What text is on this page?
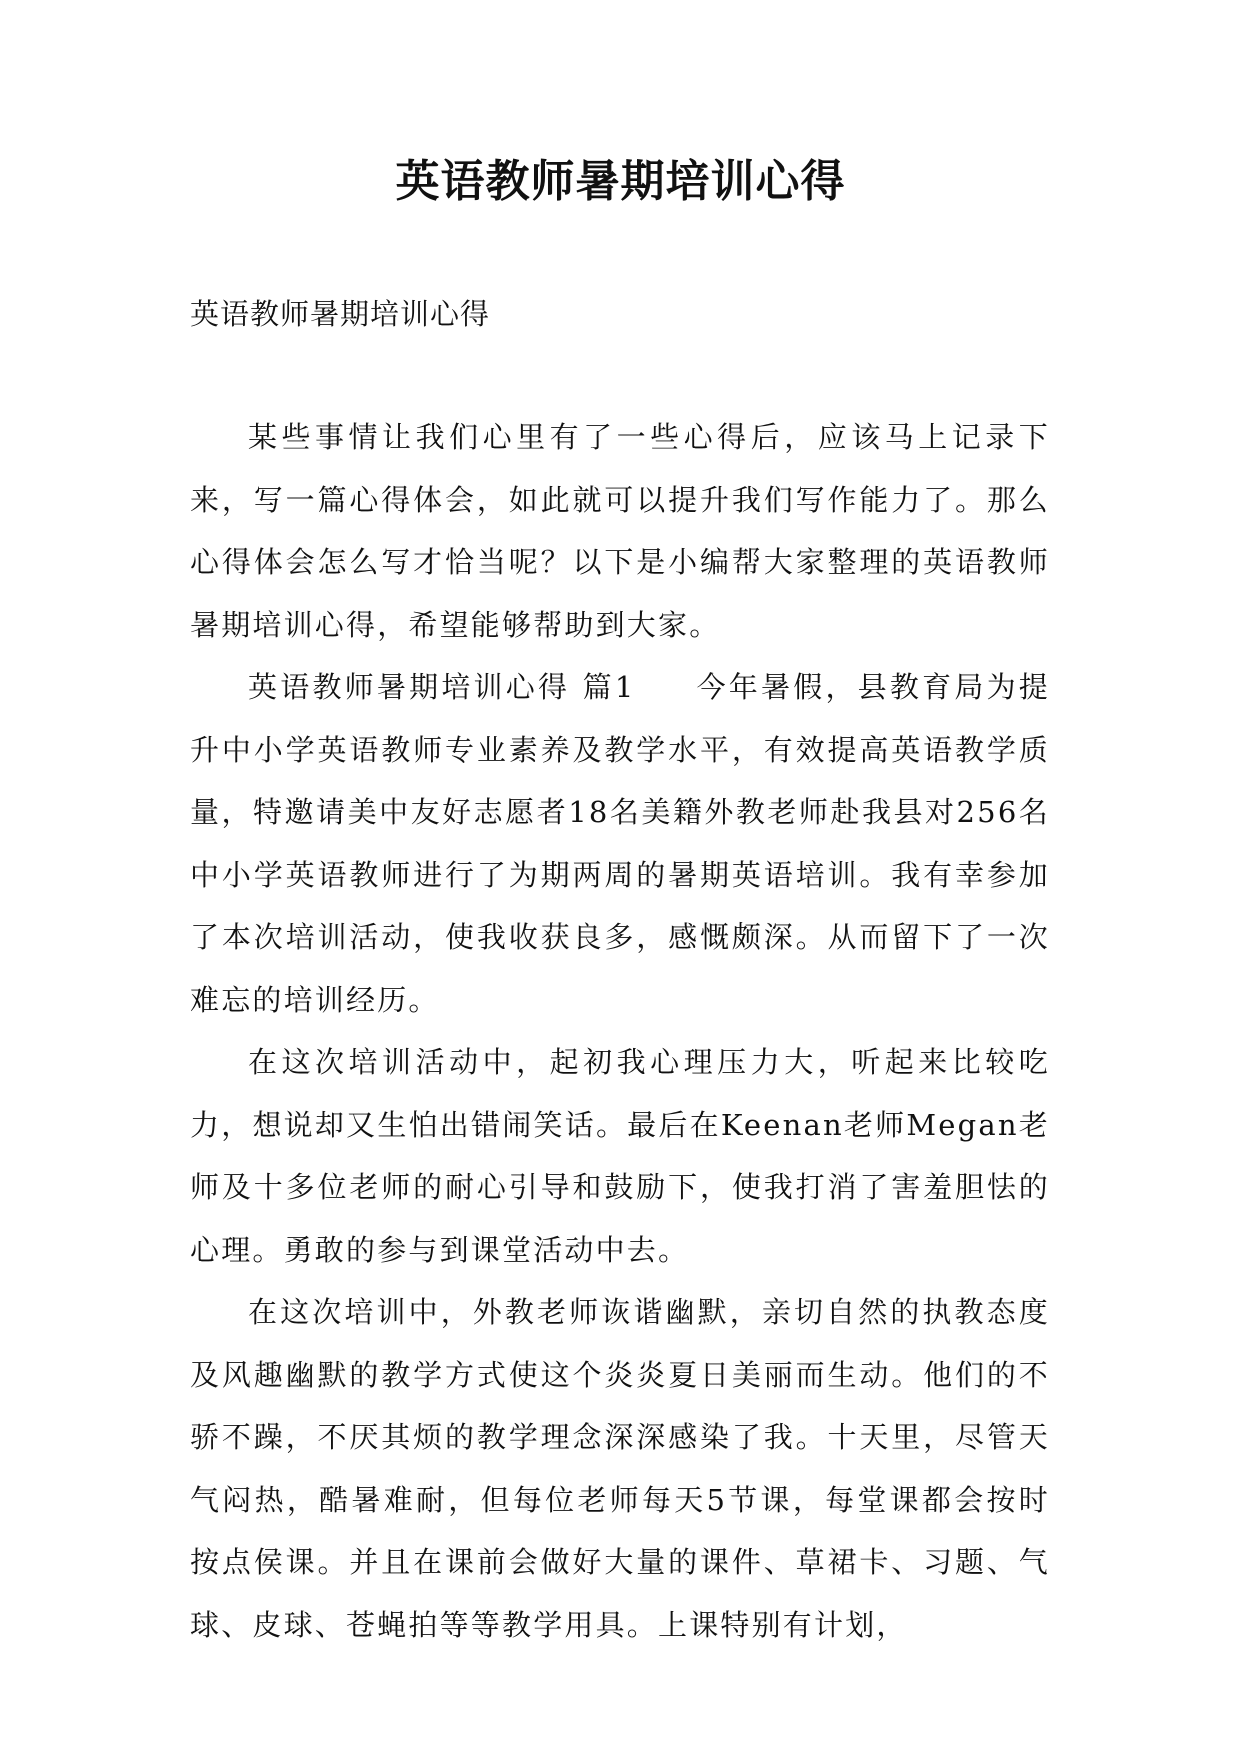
英语教师暑期培训心得

英语教师暑期培训心得

某些事情让我们心里有了一些心得后，应该马上记录下来，写一篇心得体会，如此就可以提升我们写作能力了。那么心得体会怎么写才恰当呢？以下是小编帮大家整理的英语教师暑期培训心得，希望能够帮助到大家。

英语教师暑期培训心得 篇1 今年暑假，县教育局为提升中小学英语教师专业素养及教学水平，有效提高英语教学质量，特邀请美中友好志愿者18名美籍外教老师赴我县对256名中小学英语教师进行了为期两周的暑期英语培训。我有幸参加了本次培训活动，使我收获良多，感慨颇深。从而留下了一次难忘的培训经历。

在这次培训活动中，起初我心理压力大，听起来比较吃力，想说却又生怕出错闹笑话。最后在Keenan老师Megan老师及十多位老师的耐心引导和鼓励下，使我打消了害羞胆怯的心理。勇敢的参与到课堂活动中去。

在这次培训中，外教老师诙谐幽默，亲切自然的执教态度及风趣幽默的教学方式使这个炎炎夏日美丽而生动。他们的不骄不躁，不厌其烦的教学理念深深感染了我。十天里，尽管天气闷热，酷暑难耐，但每位老师每天5节课，每堂课都会按时按点侯课。并且在课前会做好大量的课件、草裙卡、习题、气球、皮球、苍蝇拍等等教学用具。上课特别有计划，
